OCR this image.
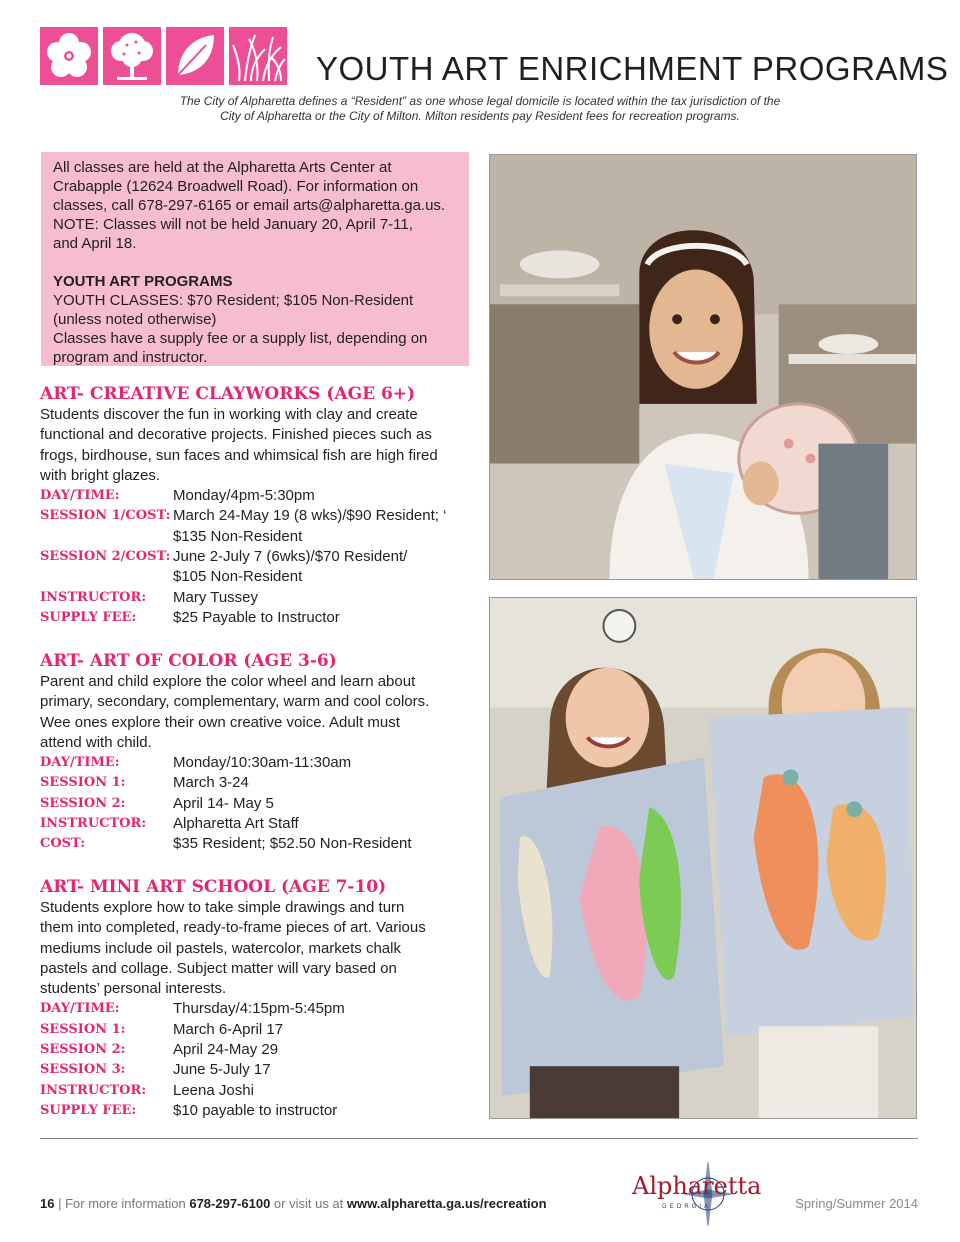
YOUTH ART ENRICHMENT PROGRAMS
The City of Alpharetta defines a “Resident” as one whose legal domicile is located within the tax jurisdiction of the
City of Alpharetta or the City of Milton. Milton residents pay Resident fees for recreation programs.

All classes are held at the Alpharetta Arts Center at

Crabapple (12624 Broadwell Road). For information on

classes, call 678-297-6165 or email arts@alpharetta.ga.us.

NOTE: Classes will not be held January 20, April 7-11,

and April 18.

YOUTH ART PROGRAMS

YOUTH CLASSES: $70 Resident; $105 Non-Resident

(unless noted otherwise)

Classes have a supply fee or a supply list, depending on

program and instructor.

ART- CREATIVE CLAYWORKS (AGE 6+)

Students discover the fun in working with clay and create

functional and decorative projects. Finished pieces such as

frogs, birdhouse, sun faces and whimsical fish are high fired

with bright glazes.

DAY/TIME:	Monday/4pm-5:30pm
SESSION 1/COST: March 24-May 19 (8 wks)/$90 Resident; ‘
$135 Non-Resident
SESSION 2/COST: June 2-July 7 (6wks)/$70 Resident/
$105 Non-Resident
INSTRUCTOR:	Mary Tussey
SUPPLY FEE:	$25 Payable to Instructor
ART- ART OF COLOR (AGE 3-6)

Parent and child explore the color wheel and learn about

primary, secondary, complementary, warm and cool colors.

Wee ones explore their own creative voice. Adult must

attend with child.

DAY/TIME:	Monday/10:30am-11:30am
SESSION 1:	March 3-24
SESSION 2:	April 14- May 5
INSTRUCTOR:	Alpharetta Art Staff
COST:	$35 Resident; $52.50 Non-Resident
ART- MINI ART SCHOOL (AGE 7-10)

Students explore how to take simple drawings and turn

them into completed, ready-to-frame pieces of art. Various

mediums include oil pastels, watercolor, markets chalk

pastels and collage. Subject matter will vary based on

students’ personal interests.

DAY/TIME:	Thursday/4:15pm-5:45pm
SESSION 1:	March 6-April 17
SESSION 2:	April 24-May 29
SESSION 3:	June 5-July 17
INSTRUCTOR:	Leena Joshi
SUPPLY FEE:	$10 payable to instructor
16 | For more information 678-297-6100 or visit us at www.alpharetta.ga.us/recreation
Alpharetta
GEORGIA	Spring/Summer 2014
